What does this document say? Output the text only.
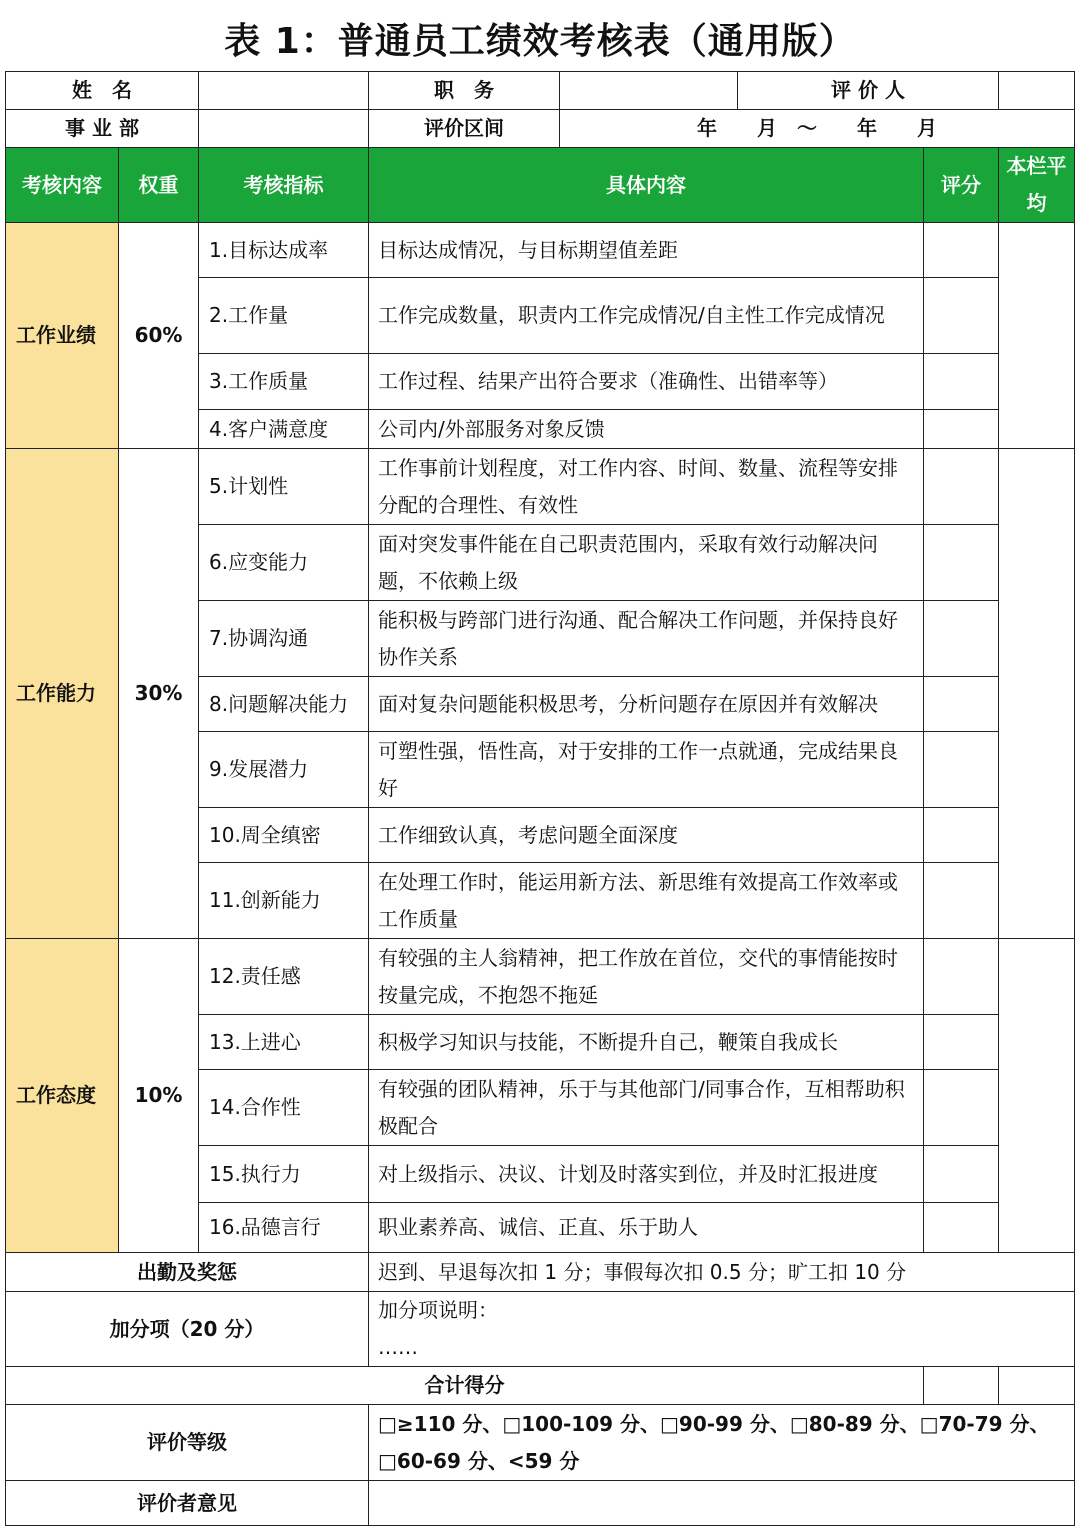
表 1：普通员工绩效考核表（通用版）
姓　名			职　务		评 价 人		
事 业 部			评价区间	年　　月　～　　年　　月			
考核内容	权重	考核指标	具体内容			评分	本栏平均
工作业绩	60%	1.目标达成率	目标达成情况，与目标期望值差距				
		2.工作量	工作完成数量，职责内工作完成情况/自主性工作完成情况				
		3.工作质量	工作过程、结果产出符合要求（准确性、出错率等）				
		4.客户满意度	公司内/外部服务对象反馈				
工作能力	30%	5.计划性	工作事前计划程度，对工作内容、时间、数量、流程等安排分配的合理性、有效性				
		6.应变能力	面对突发事件能在自己职责范围内，采取有效行动解决问题，不依赖上级				
		7.协调沟通	能积极与跨部门进行沟通、配合解决工作问题，并保持良好协作关系				
		8.问题解决能力	面对复杂问题能积极思考，分析问题存在原因并有效解决				
		9.发展潜力	可塑性强，悟性高，对于安排的工作一点就通，完成结果良好				
		10.周全缜密	工作细致认真，考虑问题全面深度				
		11.创新能力	在处理工作时，能运用新方法、新思维有效提高工作效率或工作质量				
工作态度	10%	12.责任感	有较强的主人翁精神，把工作放在首位，交代的事情能按时按量完成，不抱怨不拖延				
		13.上进心	积极学习知识与技能，不断提升自己，鞭策自我成长				
		14.合作性	有较强的团队精神，乐于与其他部门/同事合作，互相帮助积极配合				
		15.执行力	对上级指示、决议、计划及时落实到位，并及时汇报进度				
		16.品德言行	职业素养高、诚信、正直、乐于助人				
出勤及奖惩			迟到、早退每次扣 1 分；事假每次扣 0.5 分；旷工扣 10 分				
加分项（20 分）			加分项说明：
……				

合计得分							
评价等级			□≥110 分、□100-109 分、□90-99 分、□80-89 分、□70-79 分、□60-69 分、<59 分				
评价者意见							
